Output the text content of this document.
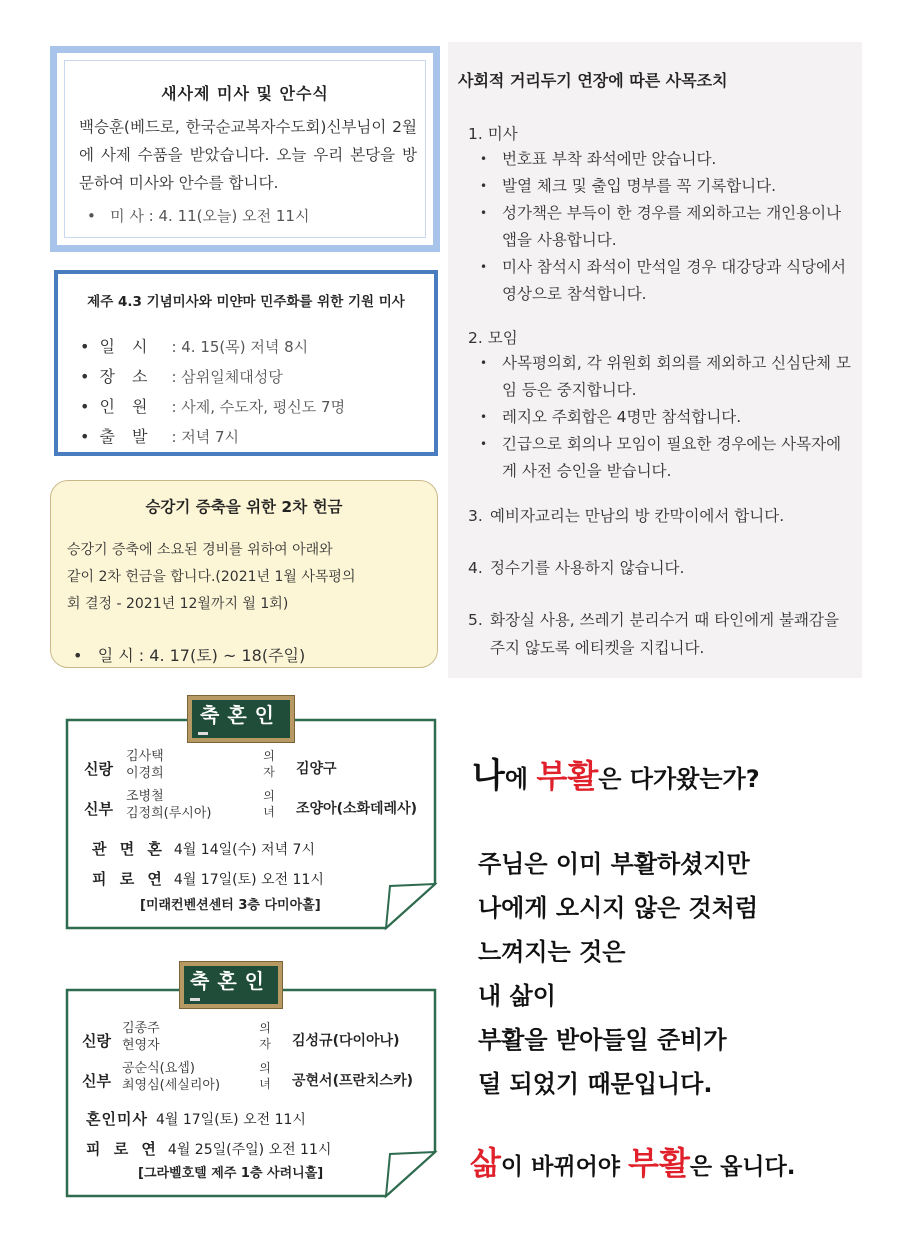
새사제 미사 및 안수식
백승훈(베드로, 한국순교복자수도회)신부님이 2월에 사제 수품을 받았습니다. 오늘 우리 본당을 방문하여 미사와 안수를 합니다.
•   미 사 : 4. 11(오늘) 오전 11시
제주 4.3 기념미사와 미얀마 민주화를 위한 기원 미사
• 일 시 : 4. 15(목) 저녁 8시
• 장 소 : 삼위일체대성당
• 인 원 : 사제, 수도자, 평신도 7명
• 출 발 : 저녁 7시
승강기 증축을 위한 2차 헌금
승강기 증축에 소요된 경비를 위하여 아래와
같이 2차 헌금을 합니다.(2021년 1월 사목평의
회 결정 - 2021년 12월까지 월 1회)
•   일 시 : 4. 17(토) ~ 18(주일)
사회적 거리두기 연장에 따른 사목조치
1. 미사
• 번호표 부착 좌석에만 앉습니다.
• 발열 체크 및 출입 명부를 꼭 기록합니다.
• 성가책은 부득이 한 경우를 제외하고는 개인용이나 앱을 사용합니다.
• 미사 참석시 좌석이 만석일 경우 대강당과 식당에서 영상으로 참석합니다.
2. 모임
• 사목평의회, 각 위원회 회의를 제외하고 신심단체 모임 등은 중지합니다.
• 레지오 주회합은 4명만 참석합니다.
• 긴급으로 회의나 모임이 필요한 경우에는 사목자에게 사전 승인을 받습니다.
3. 예비자교리는 만남의 방 칸막이에서 합니다.
4. 정수기를 사용하지 않습니다.
5. 화장실 사용, 쓰레기 분리수거 때 타인에게 불쾌감을 주지 않도록 에티켓을 지킵니다.
축혼인
신랑
김사택
이경희
의
자 김양구
신부
조병철
김정희(루시아)
의
녀 조양아(소화데레사)
관 면 혼 4월 14일(수) 저녁 7시
피 로 연 4월 17일(토) 오전 11시
[미래컨벤션센터 3층 다미아홀]
축혼인
신랑
김종주
현영자
의
자 김성규(다이아나)
신부
공순식(요셉)
최영심(세실리아)
의
녀 공현서(프란치스카)
혼인미사 4월 17일(토) 오전 11시
피 로 연 4월 25일(주일) 오전 11시
[그라벨호텔 제주 1층 사려니홀]
나에 부활은 다가왔는가?
주님은 이미 부활하셨지만
나에게 오시지 않은 것처럼
느껴지는 것은
내 삶이
부활을 받아들일 준비가
덜 되었기 때문입니다.
삶이 바뀌어야 부활은 옵니다.
